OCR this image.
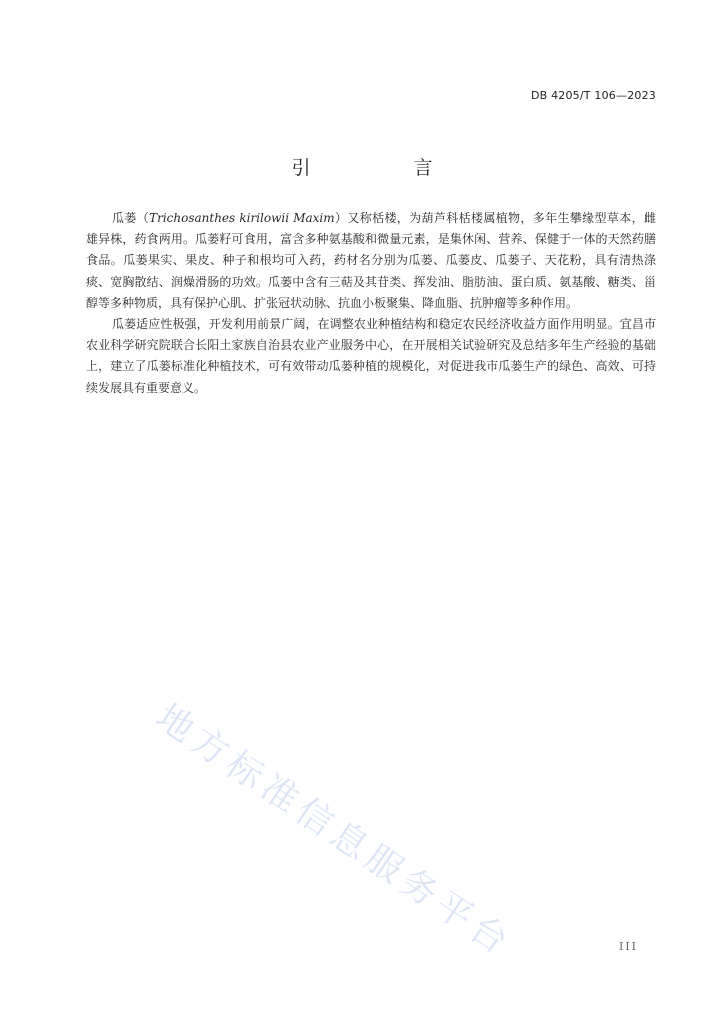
DB 4205/T 106—2023
引　言

瓜蒌（Trichosanthes kirilowii Maxim）又称栝楼，为葫芦科栝楼属植物，多年生攀缘型草本，雌雄异株，药食两用。瓜蒌籽可食用，富含多种氨基酸和微量元素，是集休闲、营养、保健于一体的天然药膳食品。瓜蒌果实、果皮、种子和根均可入药，药材名分别为瓜蒌、瓜蒌皮、瓜蒌子、天花粉，具有清热涤痰、宽胸散结、润燥滑肠的功效。瓜蒌中含有三萜及其苷类、挥发油、脂肪油、蛋白质、氨基酸、糖类、甾醇等多种物质，具有保护心肌、扩张冠状动脉、抗血小板聚集、降血脂、抗肿瘤等多种作用。

瓜蒌适应性极强，开发利用前景广阔，在调整农业种植结构和稳定农民经济收益方面作用明显。宜昌市农业科学研究院联合长阳土家族自治县农业产业服务中心，在开展相关试验研究及总结多年生产经验的基础上，建立了瓜蒌标准化种植技术，可有效带动瓜蒌种植的规模化，对促进我市瓜蒌生产的绿色、高效、可持续发展具有重要意义。

地方标准信息服务平台	III
